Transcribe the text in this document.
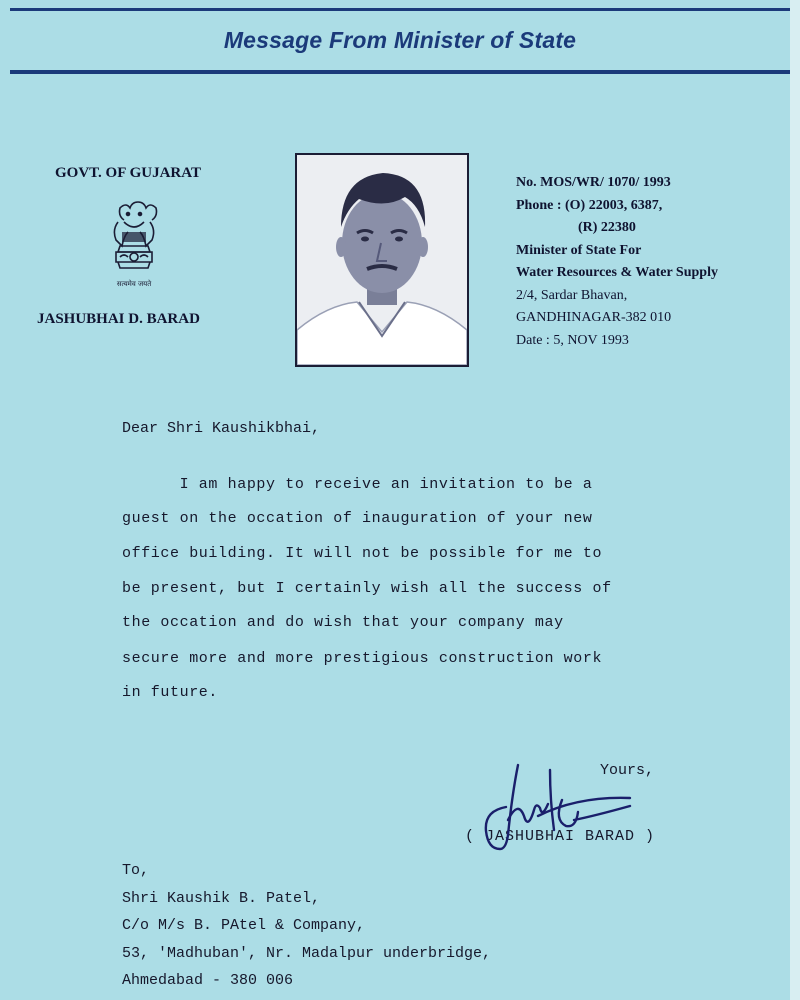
Message From Minister of State
GOVT. OF GUJARAT
सत्यमेव जयते
JASHUBHAI D. BARAD
No. MOS/WR/ 1070/ 1993
Phone : (O) 22003, 6387,
(R) 22380
Minister of State For
Water Resources & Water Supply
2/4, Sardar Bhavan,
GANDHINAGAR-382 010
Date : 5, NOV 1993
Dear Shri Kaushikbhai,
I am happy to receive an invitation to be a
guest on the occation of inauguration of your new
office building. It will not be possible for me to
be present, but I certainly wish all the success of
the occation and do wish that your company may
secure more and more prestigious construction work
in future.
Yours,
( JASHUBHAI BARAD )
To,
Shri Kaushik B. Patel,
C/o M/s B. PAtel & Company,
53, 'Madhuban', Nr. Madalpur underbridge,
Ahmedabad - 380 006
